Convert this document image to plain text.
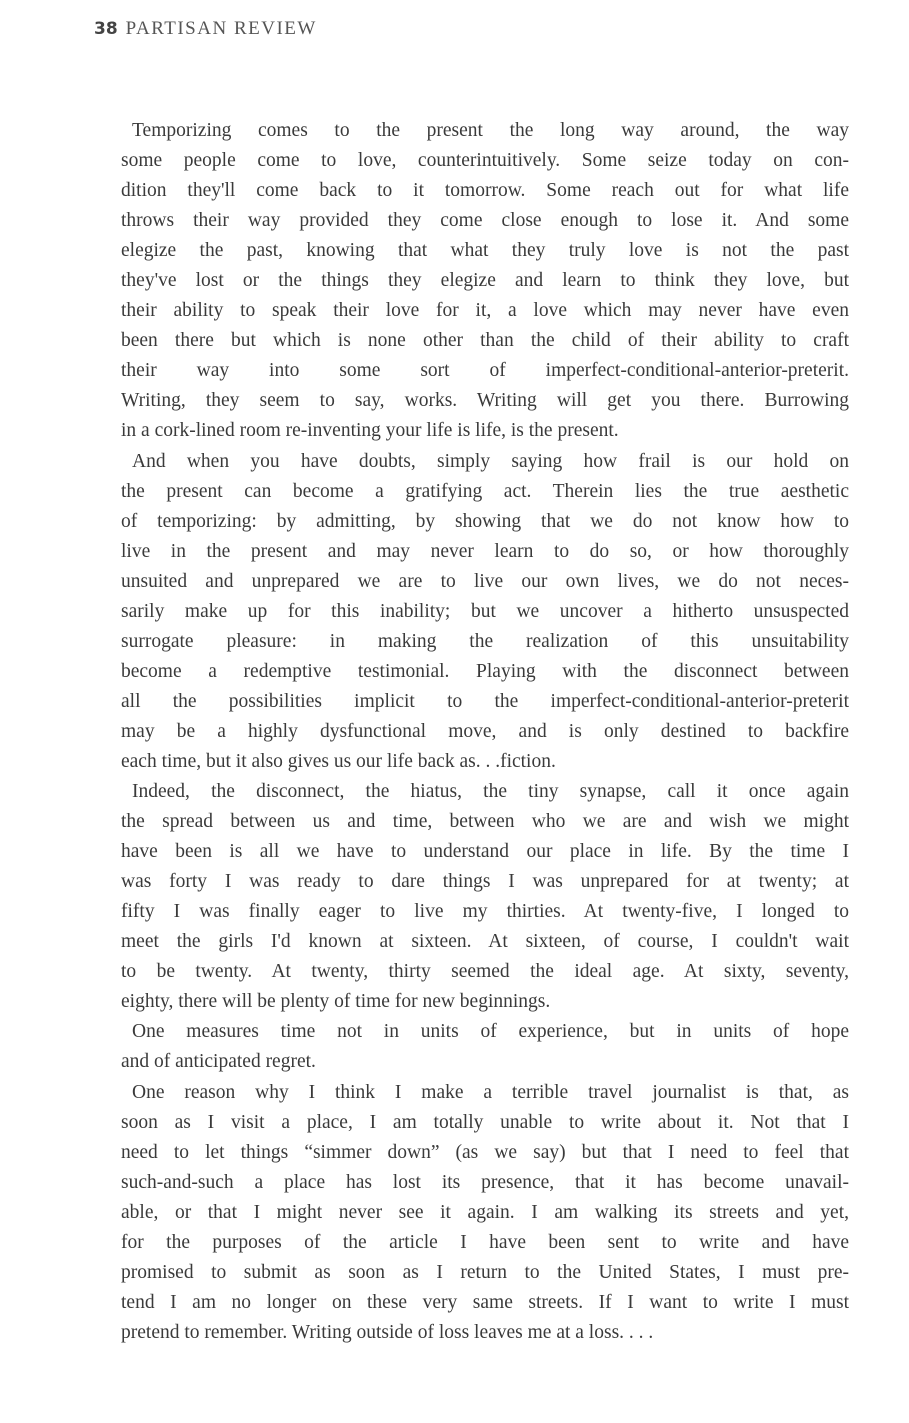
38 PARTISAN REVIEW
Temporizing comes to the present the long way around, the way
some people come to love, counterintuitively. Some seize today on con-
dition they'll come back to it tomorrow. Some reach out for what life
throws their way provided they come close enough to lose it. And some
elegize the past, knowing that what they truly love is not the past
they've lost or the things they elegize and learn to think they love, but
their ability to speak their love for it, a love which may never have even
been there but which is none other than the child of their ability to craft
their way into some sort of imperfect-conditional-anterior-preterit.
Writing, they seem to say, works. Writing will get you there. Burrowing
in a cork-lined room re-inventing your life is life, is the present.
And when you have doubts, simply saying how frail is our hold on
the present can become a gratifying act. Therein lies the true aesthetic
of temporizing: by admitting, by showing that we do not know how to
live in the present and may never learn to do so, or how thoroughly
unsuited and unprepared we are to live our own lives, we do not neces-
sarily make up for this inability; but we uncover a hitherto unsuspected
surrogate pleasure: in making the realization of this unsuitability
become a redemptive testimonial. Playing with the disconnect between
all the possibilities implicit to the imperfect-conditional-anterior-preterit
may be a highly dysfunctional move, and is only destined to backfire
each time, but it also gives us our life back as. . .fiction.
Indeed, the disconnect, the hiatus, the tiny synapse, call it once again
the spread between us and time, between who we are and wish we might
have been is all we have to understand our place in life. By the time I
was forty I was ready to dare things I was unprepared for at twenty; at
fifty I was finally eager to live my thirties. At twenty-five, I longed to
meet the girls I'd known at sixteen. At sixteen, of course, I couldn't wait
to be twenty. At twenty, thirty seemed the ideal age. At sixty, seventy,
eighty, there will be plenty of time for new beginnings.
One measures time not in units of experience, but in units of hope
and of anticipated regret.
One reason why I think I make a terrible travel journalist is that, as
soon as I visit a place, I am totally unable to write about it. Not that I
need to let things “simmer down” (as we say) but that I need to feel that
such-and-such a place has lost its presence, that it has become unavail-
able, or that I might never see it again. I am walking its streets and yet,
for the purposes of the article I have been sent to write and have
promised to submit as soon as I return to the United States, I must pre-
tend I am no longer on these very same streets. If I want to write I must
pretend to remember. Writing outside of loss leaves me at a loss. . . .
